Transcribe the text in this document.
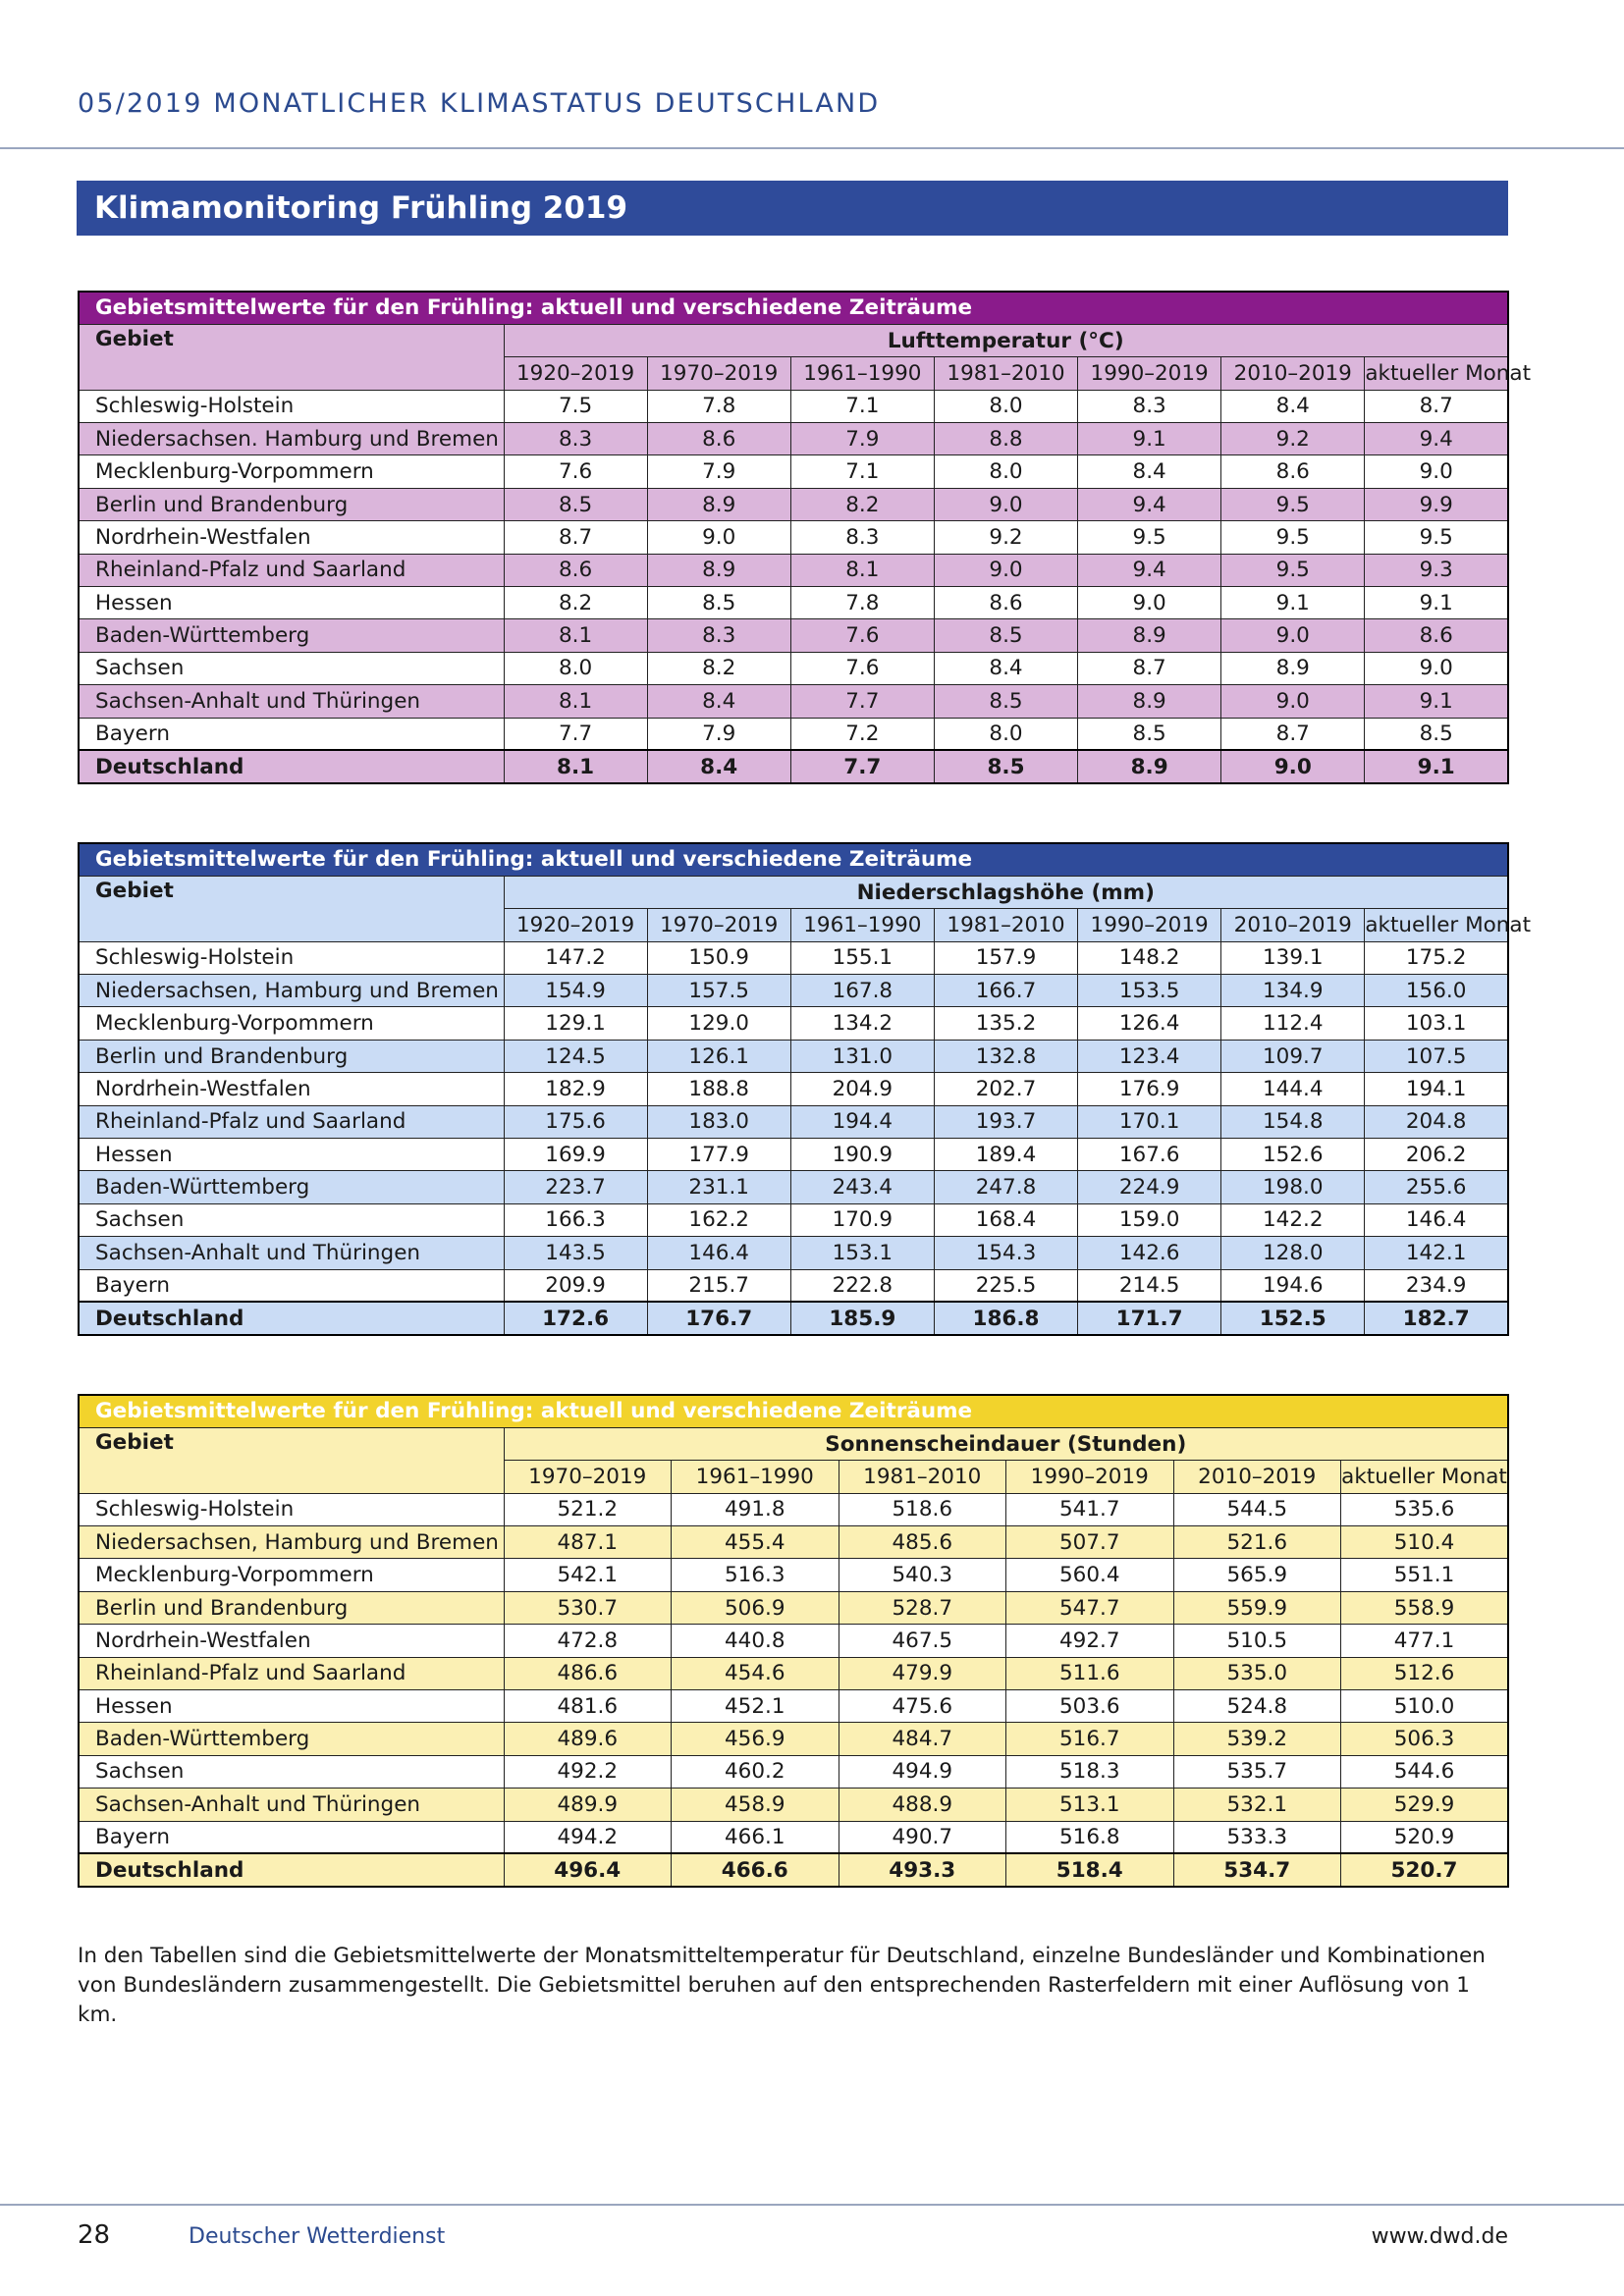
05/2019 MONATLICHER KLIMASTATUS DEUTSCHLAND
Klimamonitoring Frühling 2019
Gebietsmittelwerte für den Frühling: aktuell und verschiedene Zeiträume							
Gebiet	Lufttemperatur (°C)						
	1920–2019	1970–2019	1961–1990	1981–2010	1990–2019	2010–2019	aktueller Monat
Schleswig-Holstein	7.5	7.8	7.1	8.0	8.3	8.4	8.7
Niedersachsen. Hamburg und Bremen	8.3	8.6	7.9	8.8	9.1	9.2	9.4
Mecklenburg-Vorpommern	7.6	7.9	7.1	8.0	8.4	8.6	9.0
Berlin und Brandenburg	8.5	8.9	8.2	9.0	9.4	9.5	9.9
Nordrhein-Westfalen	8.7	9.0	8.3	9.2	9.5	9.5	9.5
Rheinland-Pfalz und Saarland	8.6	8.9	8.1	9.0	9.4	9.5	9.3
Hessen	8.2	8.5	7.8	8.6	9.0	9.1	9.1
Baden-Württemberg	8.1	8.3	7.6	8.5	8.9	9.0	8.6
Sachsen	8.0	8.2	7.6	8.4	8.7	8.9	9.0
Sachsen-Anhalt und Thüringen	8.1	8.4	7.7	8.5	8.9	9.0	9.1
Bayern	7.7	7.9	7.2	8.0	8.5	8.7	8.5
Deutschland	8.1	8.4	7.7	8.5	8.9	9.0	9.1
Gebietsmittelwerte für den Frühling: aktuell und verschiedene Zeiträume							
Gebiet	Niederschlagshöhe (mm)						
	1920–2019	1970–2019	1961–1990	1981–2010	1990–2019	2010–2019	aktueller Monat
Schleswig-Holstein	147.2	150.9	155.1	157.9	148.2	139.1	175.2
Niedersachsen, Hamburg und Bremen	154.9	157.5	167.8	166.7	153.5	134.9	156.0
Mecklenburg-Vorpommern	129.1	129.0	134.2	135.2	126.4	112.4	103.1
Berlin und Brandenburg	124.5	126.1	131.0	132.8	123.4	109.7	107.5
Nordrhein-Westfalen	182.9	188.8	204.9	202.7	176.9	144.4	194.1
Rheinland-Pfalz und Saarland	175.6	183.0	194.4	193.7	170.1	154.8	204.8
Hessen	169.9	177.9	190.9	189.4	167.6	152.6	206.2
Baden-Württemberg	223.7	231.1	243.4	247.8	224.9	198.0	255.6
Sachsen	166.3	162.2	170.9	168.4	159.0	142.2	146.4
Sachsen-Anhalt und Thüringen	143.5	146.4	153.1	154.3	142.6	128.0	142.1
Bayern	209.9	215.7	222.8	225.5	214.5	194.6	234.9
Deutschland	172.6	176.7	185.9	186.8	171.7	152.5	182.7
Gebietsmittelwerte für den Frühling: aktuell und verschiedene Zeiträume						
Gebiet	Sonnenscheindauer (Stunden)					
	1970–2019	1961–1990	1981–2010	1990–2019	2010–2019	aktueller Monat
Schleswig-Holstein	521.2	491.8	518.6	541.7	544.5	535.6
Niedersachsen, Hamburg und Bremen	487.1	455.4	485.6	507.7	521.6	510.4
Mecklenburg-Vorpommern	542.1	516.3	540.3	560.4	565.9	551.1
Berlin und Brandenburg	530.7	506.9	528.7	547.7	559.9	558.9
Nordrhein-Westfalen	472.8	440.8	467.5	492.7	510.5	477.1
Rheinland-Pfalz und Saarland	486.6	454.6	479.9	511.6	535.0	512.6
Hessen	481.6	452.1	475.6	503.6	524.8	510.0
Baden-Württemberg	489.6	456.9	484.7	516.7	539.2	506.3
Sachsen	492.2	460.2	494.9	518.3	535.7	544.6
Sachsen-Anhalt und Thüringen	489.9	458.9	488.9	513.1	532.1	529.9
Bayern	494.2	466.1	490.7	516.8	533.3	520.9
Deutschland	496.4	466.6	493.3	518.4	534.7	520.7
In den Tabellen sind die Gebietsmittelwerte der Monatsmitteltemperatur für Deutschland, einzelne Bundesländer und Kombinationen von Bundesländern zusammengestellt. Die Gebietsmittel beruhen auf den entsprechenden Rasterfeldern mit einer Auflösung von 1 km.
28	Deutscher Wetterdienst	www.dwd.de
